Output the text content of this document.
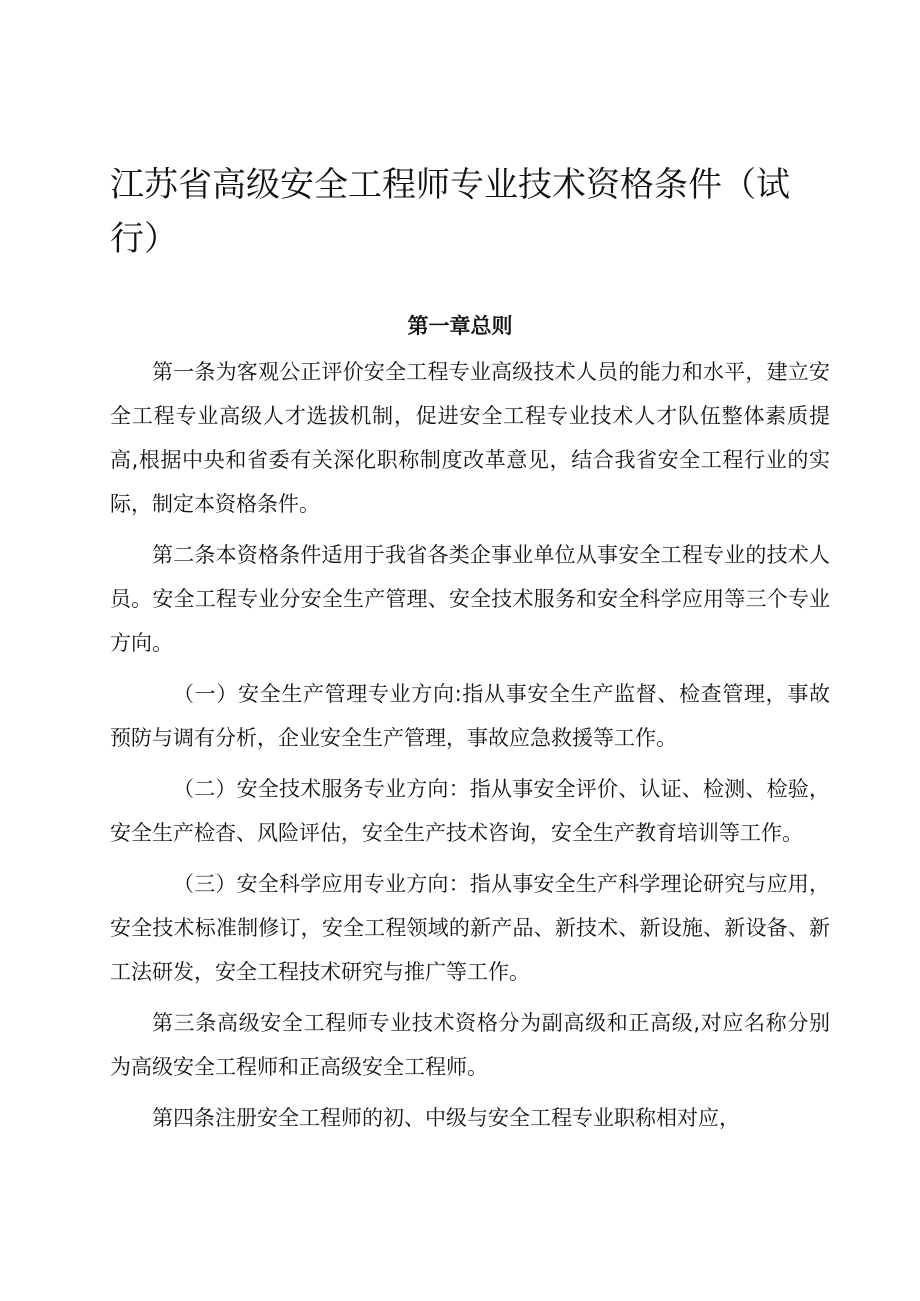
江苏省高级安全工程师专业技术资格条件（试行）
第一章总则

第一条为客观公正评价安全工程专业高级技术人员的能力和水平，建立安全工程专业高级人才选拔机制，促进安全工程专业技术人才队伍整体素质提高,根据中央和省委有关深化职称制度改革意见，结合我省安全工程行业的实际，制定本资格条件。

第二条本资格条件适用于我省各类企事业单位从事安全工程专业的技术人员。安全工程专业分安全生产管理、安全技术服务和安全科学应用等三个专业方向。

（一）安全生产管理专业方向:指从事安全生产监督、检查管理，事故预防与调有分析，企业安全生产管理，事故应急救援等工作。

（二）安全技术服务专业方向：指从事安全评价、认证、检测、检验，安全生产检杳、风险评估，安全生产技术咨询，安全生产教育培训等工作。

（三）安全科学应用专业方向：指从事安全生产科学理论研究与应用，安全技术标准制修订，安全工程领域的新产品、新技术、新设施、新设备、新工法研发，安全工程技术研究与推广等工作。

第三条高级安全工程师专业技术资格分为副高级和正高级,对应名称分别为高级安全工程师和正高级安全工程师。

第四条注册安全工程师的初、中级与安全工程专业职称相对应，
